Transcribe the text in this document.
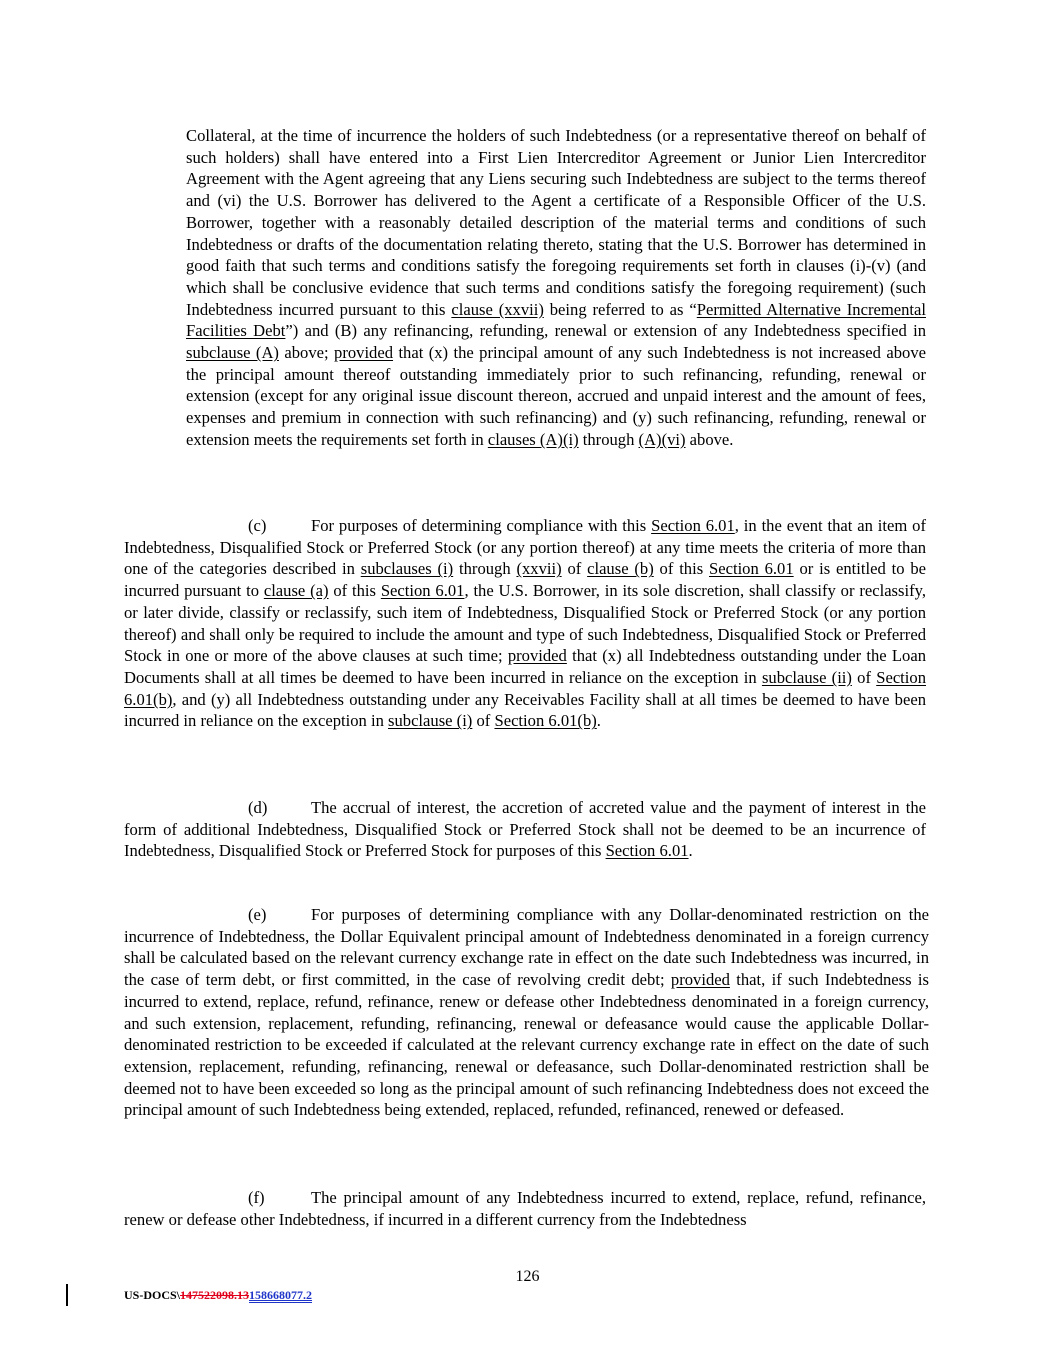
Collateral, at the time of incurrence the holders of such Indebtedness (or a representative thereof on behalf of such holders) shall have entered into a First Lien Intercreditor Agreement or Junior Lien Intercreditor Agreement with the Agent agreeing that any Liens securing such Indebtedness are subject to the terms thereof and (vi) the U.S. Borrower has delivered to the Agent a certificate of a Responsible Officer of the U.S. Borrower, together with a reasonably detailed description of the material terms and conditions of such Indebtedness or drafts of the documentation relating thereto, stating that the U.S. Borrower has determined in good faith that such terms and conditions satisfy the foregoing requirements set forth in clauses (i)-(v) (and which shall be conclusive evidence that such terms and conditions satisfy the foregoing requirement) (such Indebtedness incurred pursuant to this clause (xxvii) being referred to as “Permitted Alternative Incremental Facilities Debt”) and (B) any refinancing, refunding, renewal or extension of any Indebtedness specified in subclause (A) above; provided that (x) the principal amount of any such Indebtedness is not increased above the principal amount thereof outstanding immediately prior to such refinancing, refunding, renewal or extension (except for any original issue discount thereon, accrued and unpaid interest and the amount of fees, expenses and premium in connection with such refinancing) and (y) such refinancing, refunding, renewal or extension meets the requirements set forth in clauses (A)(i) through (A)(vi) above.
(c)	For purposes of determining compliance with this Section 6.01, in the event that an item of Indebtedness, Disqualified Stock or Preferred Stock (or any portion thereof) at any time meets the criteria of more than one of the categories described in subclauses (i) through (xxvii) of clause (b) of this Section 6.01 or is entitled to be incurred pursuant to clause (a) of this Section 6.01, the U.S. Borrower, in its sole discretion, shall classify or reclassify, or later divide, classify or reclassify, such item of Indebtedness, Disqualified Stock or Preferred Stock (or any portion thereof) and shall only be required to include the amount and type of such Indebtedness, Disqualified Stock or Preferred Stock in one or more of the above clauses at such time; provided that (x) all Indebtedness outstanding under the Loan Documents shall at all times be deemed to have been incurred in reliance on the exception in subclause (ii) of Section 6.01(b), and (y) all Indebtedness outstanding under any Receivables Facility shall at all times be deemed to have been incurred in reliance on the exception in subclause (i) of Section 6.01(b).
(d)	The accrual of interest, the accretion of accreted value and the payment of interest in the form of additional Indebtedness, Disqualified Stock or Preferred Stock shall not be deemed to be an incurrence of Indebtedness, Disqualified Stock or Preferred Stock for purposes of this Section 6.01.
(e)	For purposes of determining compliance with any Dollar-denominated restriction on the incurrence of Indebtedness, the Dollar Equivalent principal amount of Indebtedness denominated in a foreign currency shall be calculated based on the relevant currency exchange rate in effect on the date such Indebtedness was incurred, in the case of term debt, or first committed, in the case of revolving credit debt; provided that, if such Indebtedness is incurred to extend, replace, refund, refinance, renew or defease other Indebtedness denominated in a foreign currency, and such extension, replacement, refunding, refinancing, renewal or defeasance would cause the applicable Dollar-denominated restriction to be exceeded if calculated at the relevant currency exchange rate in effect on the date of such extension, replacement, refunding, refinancing, renewal or defeasance, such Dollar-denominated restriction shall be deemed not to have been exceeded so long as the principal amount of such refinancing Indebtedness does not exceed the principal amount of such Indebtedness being extended, replaced, refunded, refinanced, renewed or defeased.
(f)	The principal amount of any Indebtedness incurred to extend, replace, refund, refinance, renew or defease other Indebtedness, if incurred in a different currency from the Indebtedness
126
US-DOCS\147522098.13158668077.2
